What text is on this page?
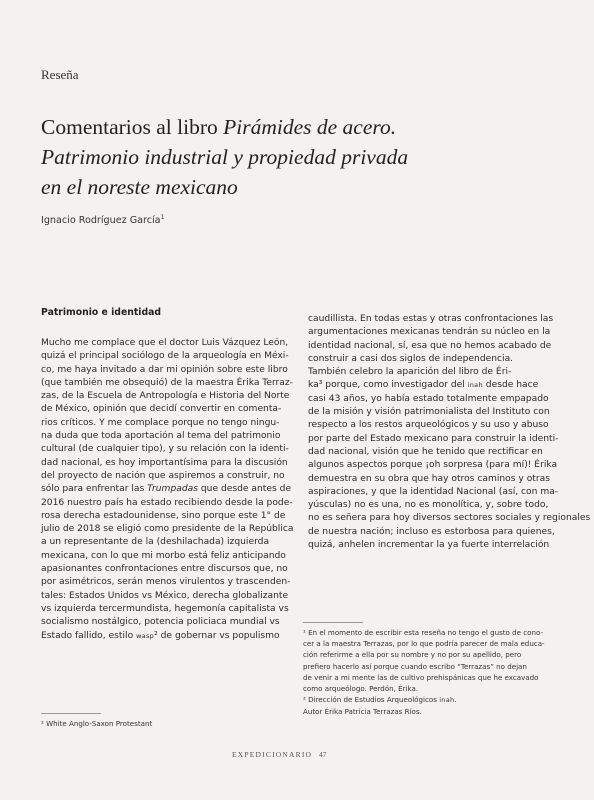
Reseña
Comentarios al libro Pirámides de acero.
Patrimonio industrial y propiedad privada
en el noreste mexicano
Ignacio Rodríguez García$^1$
Patrimonio e identidad
Mucho me complace que el doctor Luis Vázquez León,
quizá el principal sociólogo de la arqueología en Méxi-
co, me haya invitado a dar mi opinión sobre este libro
(que también me obsequió) de la maestra Érika Terraz-
zas, de la Escuela de Antropología e Historia del Norte
de México, opinión que decidí convertir en comenta-
rios críticos. Y me complace porque no tengo ningu-
na duda que toda aportación al tema del patrimonio
cultural (de cualquier tipo), y su relación con la identi-
dad nacional, es hoy importantísima para la discusión
del proyecto de nación que aspiremos a construir, no
sólo para enfrentar las Trumpadas que desde antes de
2016 nuestro país ha estado recibiendo desde la pode-
rosa derecha estadounidense, sino porque este 1° de
julio de 2018 se eligió como presidente de la República
a un representante de la (deshilachada) izquierda
mexicana, con lo que mi morbo está feliz anticipando
apasionantes confrontaciones entre discursos que, no
por asimétricos, serán menos virulentos y trascenden-
tales: Estados Unidos vs México, derecha globalizante
vs izquierda tercermundista, hegemonía capitalista vs
socialismo nostálgico, potencia policiaca mundial vs
Estado fallido, estilo wasp² de gobernar vs populismo
caudillista. En todas estas y otras confrontaciones las
argumentaciones mexicanas tendrán su núcleo en la
identidad nacional, sí, esa que no hemos acabado de
construir a casi dos siglos de independencia.
También celebro la aparición del libro de Éri-
ka³ porque, como investigador del inah desde hace
casi 43 años, yo había estado totalmente empapado
de la misión y visión patrimonialista del Instituto con
respecto a los restos arqueológicos y su uso y abuso
por parte del Estado mexicano para construir la identi-
dad nacional, visión que he tenido que rectificar en
algunos aspectos porque ¡oh sorpresa (para mí)! Érika
demuestra en su obra que hay otros caminos y otras
aspiraciones, y que la identidad Nacional (así, con ma-
yúsculas) no es una, no es monolítica, y, sobre todo,
no es señera para hoy diversos sectores sociales y regionales
de nuestra nación; incluso es estorbosa para quienes,
quizá, anhelen incrementar la ya fuerte interrelación
¹ En el momento de escribir esta reseña no tengo el gusto de cono-
cer a la maestra Terrazas, por lo que podría parecer de mala educa-
ción referirme a ella por su nombre y no por su apellido, pero
prefiero hacerlo así porque cuando escribo “Terrazas” no dejan
de venir a mi mente las de cultivo prehispánicas que he excavado
como arqueólogo. Perdón, Érika.
² Dirección de Estudios Arqueológicos inah.
Autor Érika Patricia Terrazas Ríos.
² White Anglo-Saxon Protestant
EXPEDICIONARIO 47
